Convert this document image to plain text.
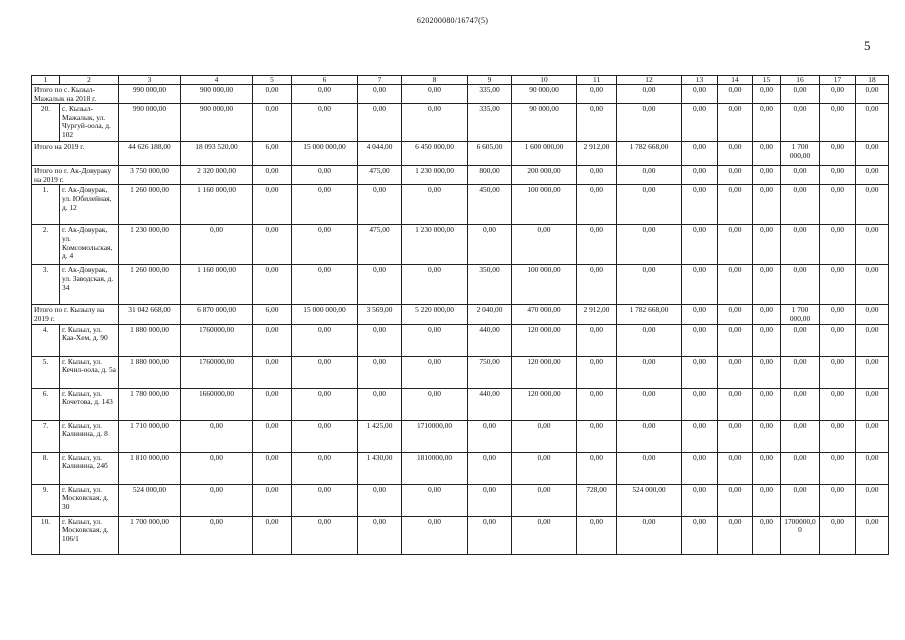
620200080/16747(5)
5
1	2	3	4	5	6	7	8	9	10	11	12	13	14	15	16	17	18
Итого по с. Кызыл-Мажалык на 2018 г.		990 000,00	900 000,00	0,00	0,00	0,00	0,00	335,00	90 000,00	0,00	0,00	0,00	0,00	0,00	0,00	0,00	0,00
20.	с. Кызыл-Мажалык, ул. Чургуй-оола, д. 102	990 000,00	900 000,00	0,00	0,00	0,00	0,00	335,00	90 000,00	0,00	0,00	0,00	0,00	0,00	0,00	0,00	0,00
Итого на 2019 г.		44 626 188,00	18 093 520,00	6,00	15 000 000,00	4 044,00	6 450 000,00	6 605,00	1 600 000,00	2 912,00	1 782 668,00	0,00	0,00	0,00	1 700 000,00	0,00	0,00
Итого по г. Ак-Довураку на 2019 г.		3 750 000,00	2 320 000,00	0,00	0,00	475,00	1 230 000,00	800,00	200 000,00	0,00	0,00	0,00	0,00	0,00	0,00	0,00	0,00
1.	г. Ак-Довурак, ул. Юбилейная, д. 12	1 260 000,00	1 160 000,00	0,00	0,00	0,00	0,00	450,00	100 000,00	0,00	0,00	0,00	0,00	0,00	0,00	0,00	0,00
2.	г. Ак-Довурак, ул. Комсомольская, д. 4	1 230 000,00	0,00	0,00	0,00	475,00	1 230 000,00	0,00	0,00	0,00	0,00	0,00	0,00	0,00	0,00	0,00	0,00
3.	г. Ак-Довурак, ул. Заводская, д. 34	1 260 000,00	1 160 000,00	0,00	0,00	0,00	0,00	350,00	100 000,00	0,00	0,00	0,00	0,00	0,00	0,00	0,00	0,00
Итого по г. Кызылу на 2019 г.		31 042 668,00	6 870 000,00	6,00	15 000 000,00	3 569,00	5 220 000,00	2 040,00	470 000,00	2 912,00	1 782 668,00	0,00	0,00	0,00	1 700 000,00	0,00	0,00
4.	г. Кызыл, ул. Каа-Хем, д. 90	1 880 000,00	1760000,00	0,00	0,00	0,00	0,00	440,00	120 000,00	0,00	0,00	0,00	0,00	0,00	0,00	0,00	0,00
5.	г. Кызыл, ул. Кечил-оола, д. 5а	1 880 000,00	1760000,00	0,00	0,00	0,00	0,00	750,00	120 000,00	0,00	0,00	0,00	0,00	0,00	0,00	0,00	0,00
6.	г. Кызыл, ул. Кочетова, д. 143	1 780 000,00	1660000,00	0,00	0,00	0,00	0,00	440,00	120 000,00	0,00	0,00	0,00	0,00	0,00	0,00	0,00	0,00
7.	г. Кызыл, ул. Калинина, д. 8	1 710 000,00	0,00	0,00	0,00	1 425,00	1710000,00	0,00	0,00	0,00	0,00	0,00	0,00	0,00	0,00	0,00	0,00
8.	г. Кызыл, ул. Калинина, 24б	1 810 000,00	0,00	0,00	0,00	1 430,00	1810000,00	0,00	0,00	0,00	0,00	0,00	0,00	0,00	0,00	0,00	0,00
9.	г. Кызыл, ул. Московская, д. 30	524 000,00	0,00	0,00	0,00	0,00	0,00	0,00	0,00	728,00	524 000,00	0,00	0,00	0,00	0,00	0,00	0,00
10.	г. Кызыл, ул. Московская, д. 106/1	1 700 000,00	0,00	0,00	0,00	0,00	0,00	0,00	0,00	0,00	0,00	0,00	0,00	0,00	1700000,00	0,00	0,00
